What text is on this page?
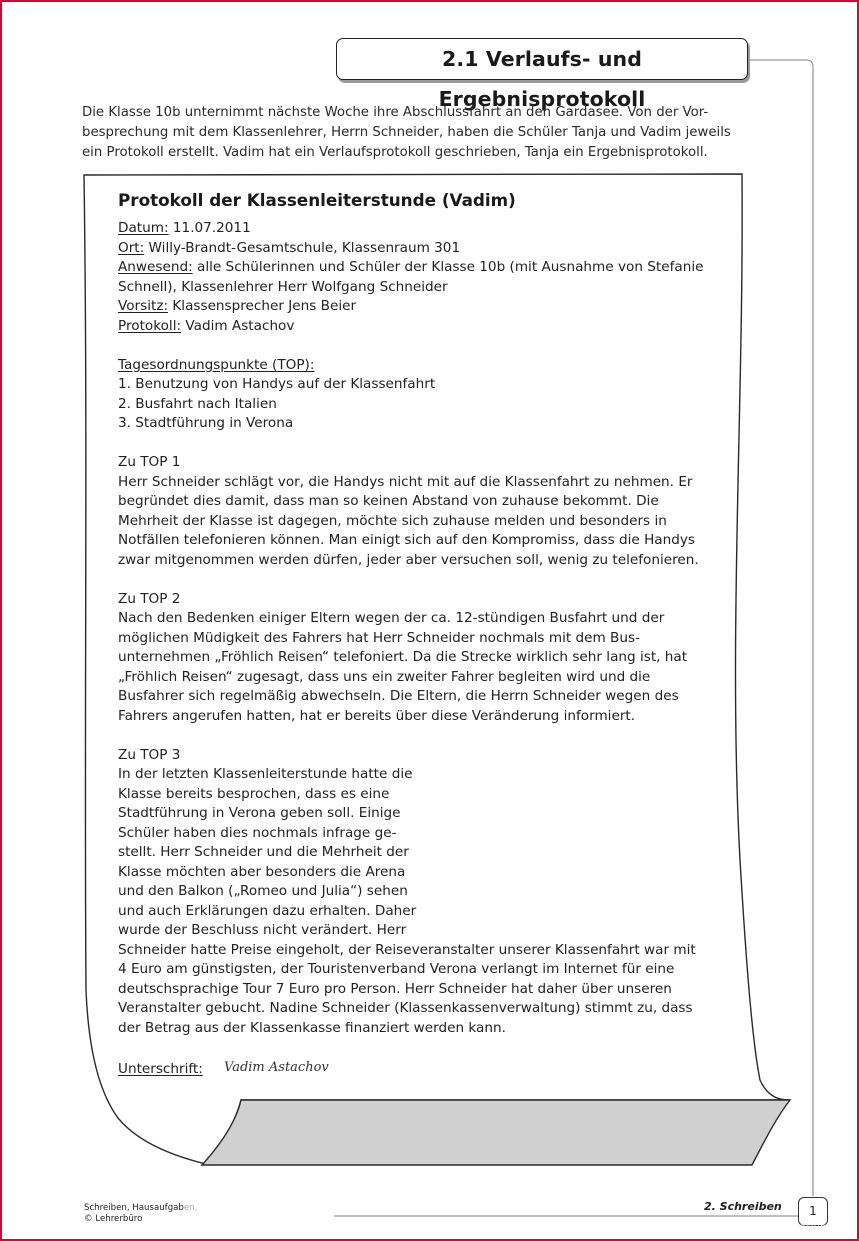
2.1 Verlaufs- und Ergebnisprotokoll
Die Klasse 10b unternimmt nächste Woche ihre Abschlussfahrt an den Gardasee. Von der Vor-
besprechung mit dem Klassenlehrer, Herrn Schneider, haben die Schüler Tanja und Vadim jeweils
ein Protokoll erstellt. Vadim hat ein Verlaufsprotokoll geschrieben, Tanja ein Ergebnisprotokoll.
Protokoll der Klassenleiterstunde (Vadim)
Datum: 11.07.2011
Ort: Willy-Brandt-Gesamtschule, Klassenraum 301
Anwesend: alle Schülerinnen und Schüler der Klasse 10b (mit Ausnahme von Stefanie
Schnell), Klassenlehrer Herr Wolfgang Schneider
Vorsitz: Klassensprecher Jens Beier
Protokoll: Vadim Astachov
Tagesordnungspunkte (TOP):
1. Benutzung von Handys auf der Klassenfahrt
2. Busfahrt nach Italien
3. Stadtführung in Verona
Zu TOP 1
Herr Schneider schlägt vor, die Handys nicht mit auf die Klassenfahrt zu nehmen. Er
begründet dies damit, dass man so keinen Abstand von zuhause bekommt. Die
Mehrheit der Klasse ist dagegen, möchte sich zuhause melden und besonders in
Notfällen telefonieren können. Man einigt sich auf den Kompromiss, dass die Handys
zwar mitgenommen werden dürfen, jeder aber versuchen soll, wenig zu telefonieren.
Zu TOP 2
Nach den Bedenken einiger Eltern wegen der ca. 12-stündigen Busfahrt und der
möglichen Müdigkeit des Fahrers hat Herr Schneider nochmals mit dem Bus-
unternehmen „Fröhlich Reisen“ telefoniert. Da die Strecke wirklich sehr lang ist, hat
„Fröhlich Reisen“ zugesagt, dass uns ein zweiter Fahrer begleiten wird und die
Busfahrer sich regelmäßig abwechseln. Die Eltern, die Herrn Schneider wegen des
Fahrers angerufen hatten, hat er bereits über diese Veränderung informiert.
Zu TOP 3
In der letzten Klassenleiterstunde hatte die
Klasse bereits besprochen, dass es eine
Stadtführung in Verona geben soll. Einige
Schüler haben dies nochmals infrage ge-
stellt. Herr Schneider und die Mehrheit der
Klasse möchten aber besonders die Arena
und den Balkon („Romeo und Julia“) sehen
und auch Erklärungen dazu erhalten. Daher
wurde der Beschluss nicht verändert. Herr
Schneider hatte Preise eingeholt, der Reiseveranstalter unserer Klassenfahrt war mit
4 Euro am günstigsten, der Touristenverband Verona verlangt im Internet für eine
deutschsprachige Tour 7 Euro pro Person. Herr Schneider hat daher über unseren
Veranstalter gebucht. Nadine Schneider (Klassenkassenverwaltung) stimmt zu, dass
der Betrag aus der Klassenkasse finanziert werden kann.
Unterschrift: Vadim Astachov
Schreiben, Hausaufgaben,
© Lehrerbüro
2. Schreiben	1
eduhilfen Englisch Klasse 10 Gymnasium
